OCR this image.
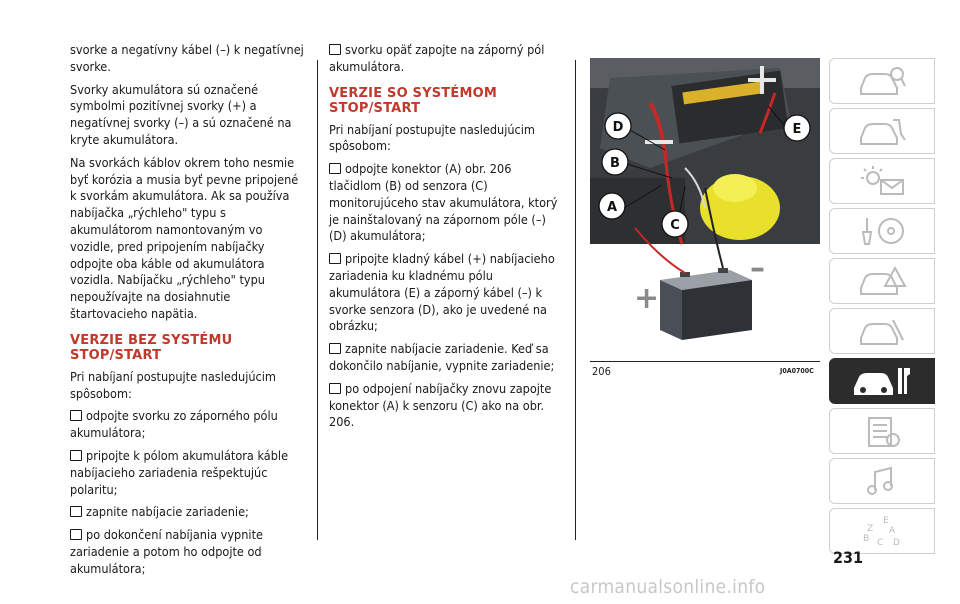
svorke a negatívny kábel (–) k negatívnej svorke.

Svorky akumulátora sú označené symbolmi pozitívnej svorky (+) a negatívnej svorky (–) a sú označené na kryte akumulátora.

Na svorkách káblov okrem toho nesmie byť korózia a musia byť pevne pripojené k svorkám akumulátora. Ak sa používa nabíjačka „rýchleho" typu s akumulátorom namontovaným vo vozidle, pred pripojením nabíjačky odpojte oba káble od akumulátora vozidla. Nabíjačku „rýchleho" typu nepoužívajte na dosiahnutie štartovacieho napätia.

VERZIE BEZ SYSTÉMU STOP/START

Pri nabíjaní postupujte nasledujúcim spôsobom:

odpojte svorku zo záporného pólu akumulátora;

pripojte k pólom akumulátora káble nabíjacieho zariadenia rešpektujúc polaritu;

zapnite nabíjacie zariadenie;

po dokončení nabíjania vypnite zariadenie a potom ho odpojte od akumulátora;

svorku opäť zapojte na záporný pól akumulátora.

VERZIE SO SYSTÉMOM STOP/START

Pri nabíjaní postupujte nasledujúcim spôsobom:

odpojte konektor (A) obr. 206 tlačidlom (B) od senzora (C) monitorujúceho stav akumulátora, ktorý je nainštalovaný na zápornom póle (–) (D) akumulátora;

pripojte kladný kábel (+) nabíjacieho zariadenia ku kladnému pólu akumulátora (E) a záporný kábel (–) k svorke senzora (D), ako je uvedené na obrázku;

zapnite nabíjacie zariadenie. Keď sa dokončilo nabíjanie, vypnite zariadenie;

po odpojení nabíjačky znovu zapojte konektor (A) k senzoru (C) ako na obr. 206.

D
B
A
C
E
+
–
206	J0A0700C
E
Z A
B C D
231
carmanualsonline.info
